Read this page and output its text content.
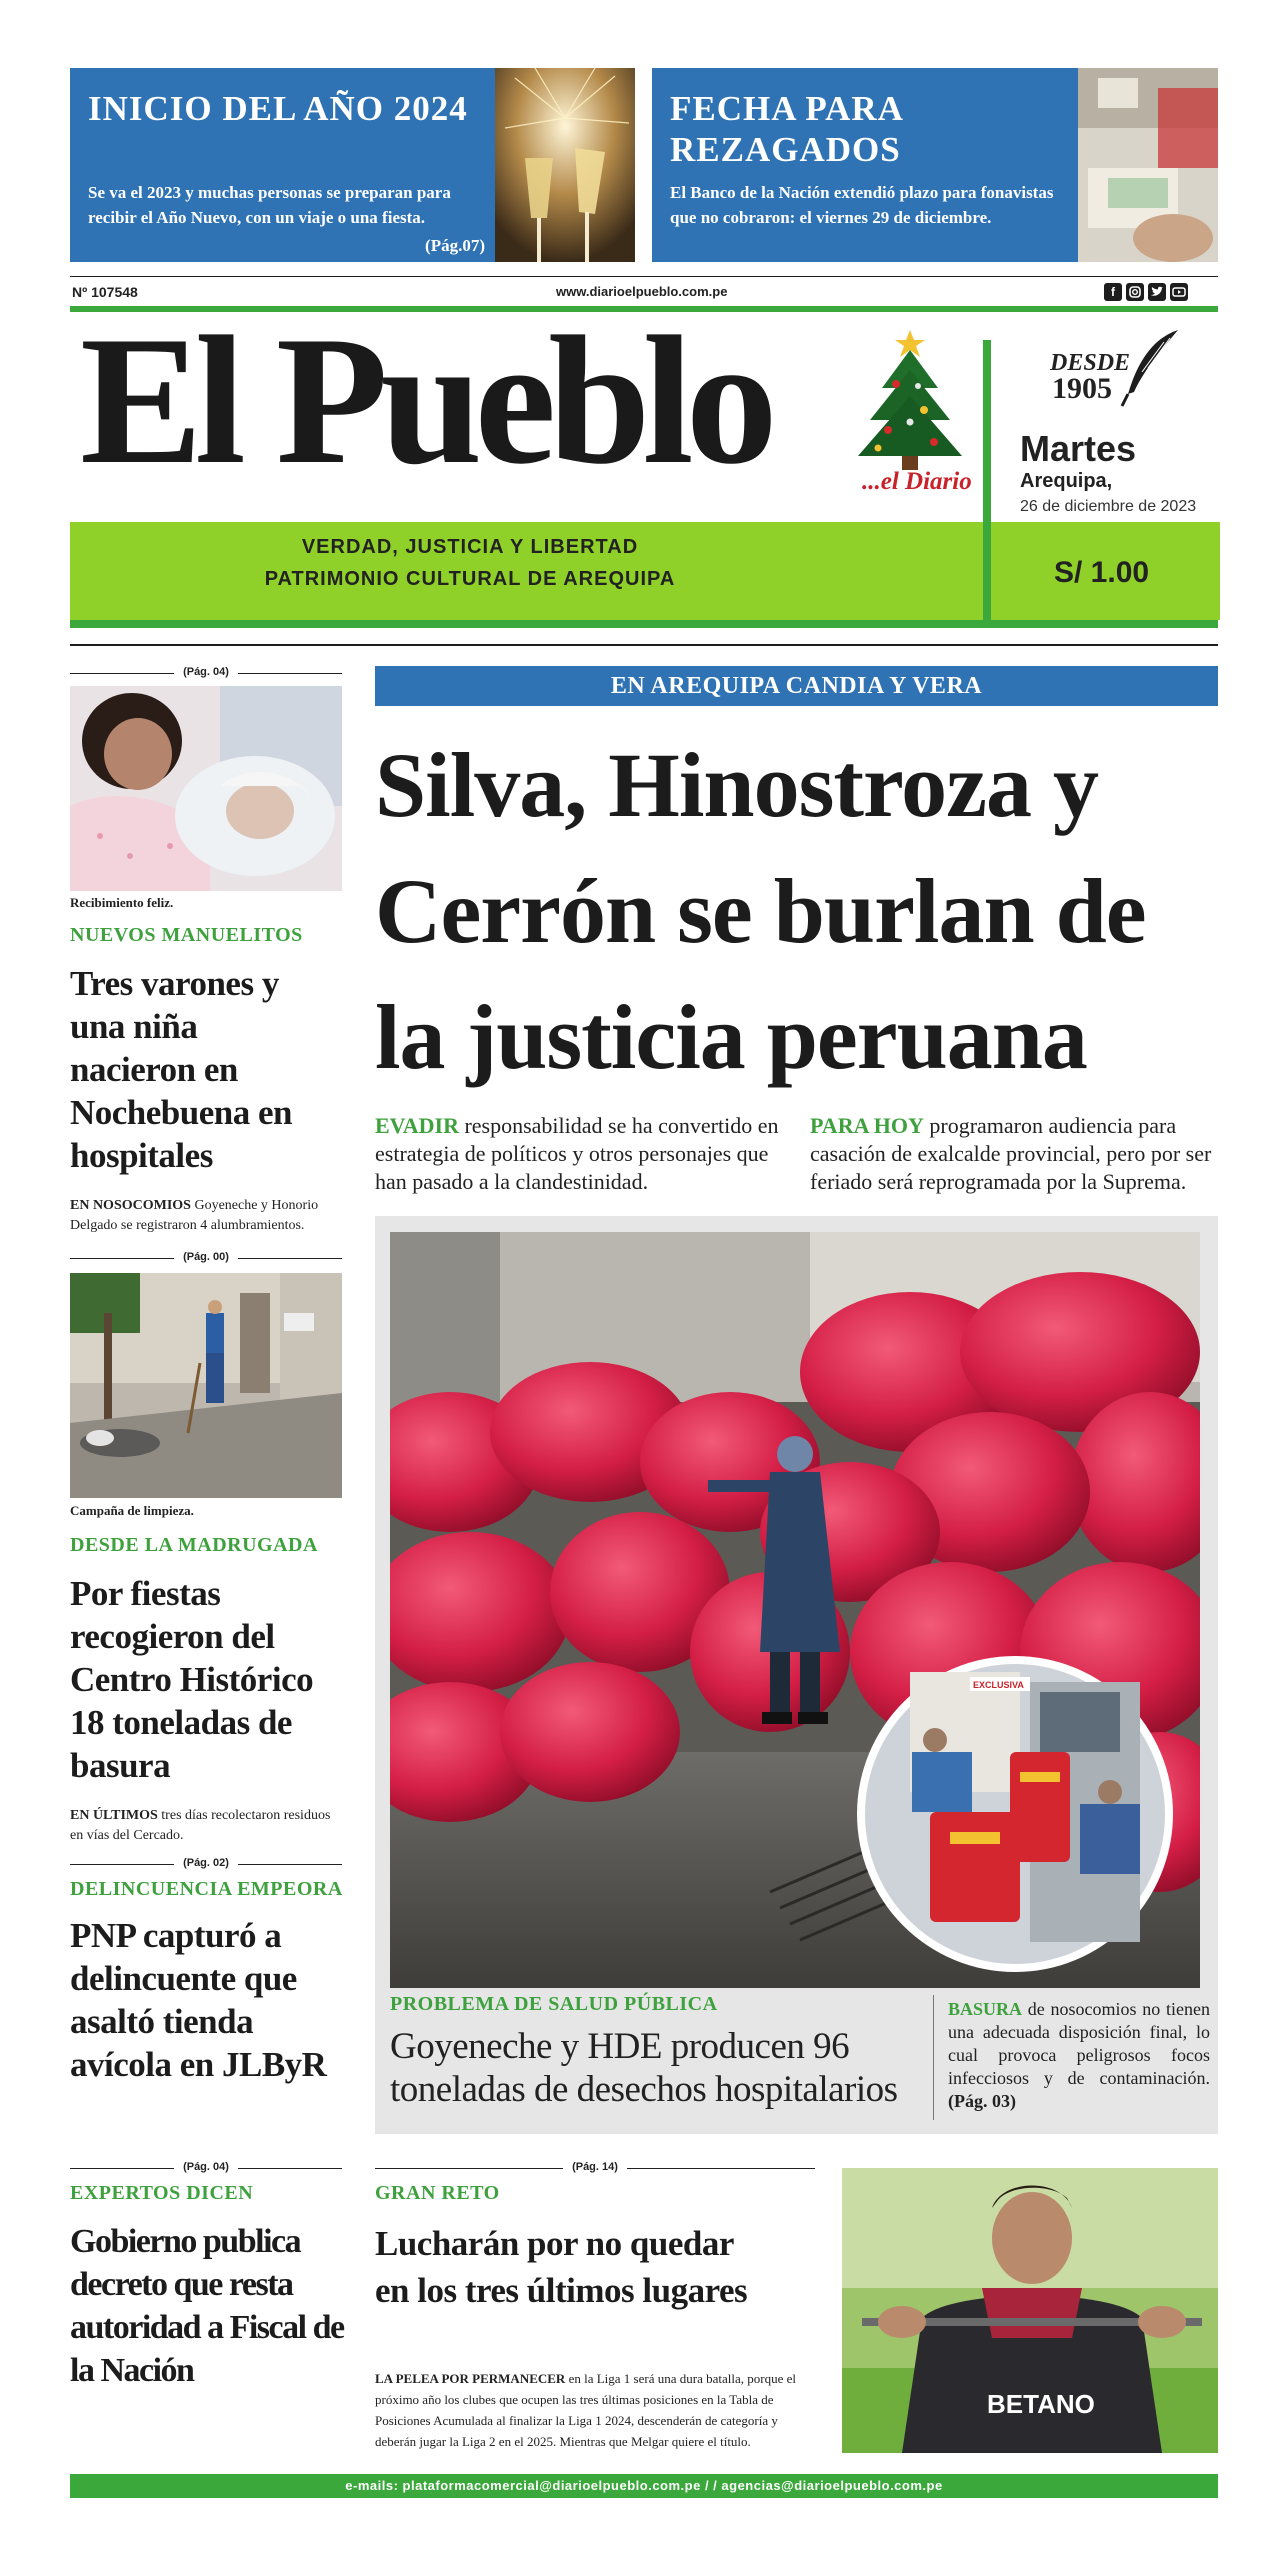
INICIO DEL AÑO 2024
Se va el 2023 y muchas personas se preparan para recibir el Año Nuevo, con un viaje o una fiesta.
(Pág.07)
FECHA PARA REZAGADOS
El Banco de la Nación extendió plazo para fonavistas que no cobraron: el viernes 29 de diciembre.
Nº 107548	www.diarioelpueblo.com.pe	f
El Pueblo	...el Diario
VERDAD, JUSTICIA Y LIBERTAD
PATRIMONIO CULTURAL DE AREQUIPA
DESDE
1905
Martes
Arequipa,
26 de diciembre de 2023
S/ 1.00
(Pág. 04)
Recibimiento feliz.
NUEVOS MANUELITOS
Tres varones y una niña nacieron en Nochebuena en hospitales
EN NOSOCOMIOS Goyeneche y Honorio Delgado se registraron 4 alumbramientos.
(Pág. 00)
Campaña de limpieza.
DESDE LA MADRUGADA
Por fiestas recogieron del Centro Histórico 18 toneladas de basura
EN ÚLTIMOS tres días recolectaron residuos en vías del Cercado.
(Pág. 02)
DELINCUENCIA EMPEORA
PNP capturó a delincuente que asaltó tienda avícola en JLByR
(Pág. 04)
EXPERTOS DICEN
Gobierno publica decreto que resta autoridad a Fiscal de la Nación
EN AREQUIPA CANDIA Y VERA
Silva, Hinostroza y Cerrón se burlan de la justicia peruana
EVADIR responsabilidad se ha convertido en estrategia de políticos y otros personajes que han pasado a la clandestinidad.
PARA HOY programaron audiencia para casación de exalcalde provincial, pero por ser feriado será reprogramada por la Suprema.
EXCLUSIVA
PROBLEMA DE SALUD PÚBLICA
Goyeneche y HDE producen 96 toneladas de desechos hospitalarios
BASURA de nosocomios no tienen una adecuada disposición final, lo cual provoca peligrosos focos infecciosos y de contaminación. (Pág. 03)
(Pág. 14)
GRAN RETO
Lucharán por no quedar en los tres últimos lugares
LA PELEA POR PERMANECER en la Liga 1 será una dura batalla, porque el próximo año los clubes que ocupen las tres últimas posiciones en la Tabla de Posiciones Acumulada al finalizar la Liga 1 2024, descenderán de categoría y deberán jugar la Liga 2 en el 2025. Mientras que Melgar quiere el título.
BETANO
e-mails: plataformacomercial@diarioelpueblo.com.pe / / agencias@diarioelpueblo.com.pe
